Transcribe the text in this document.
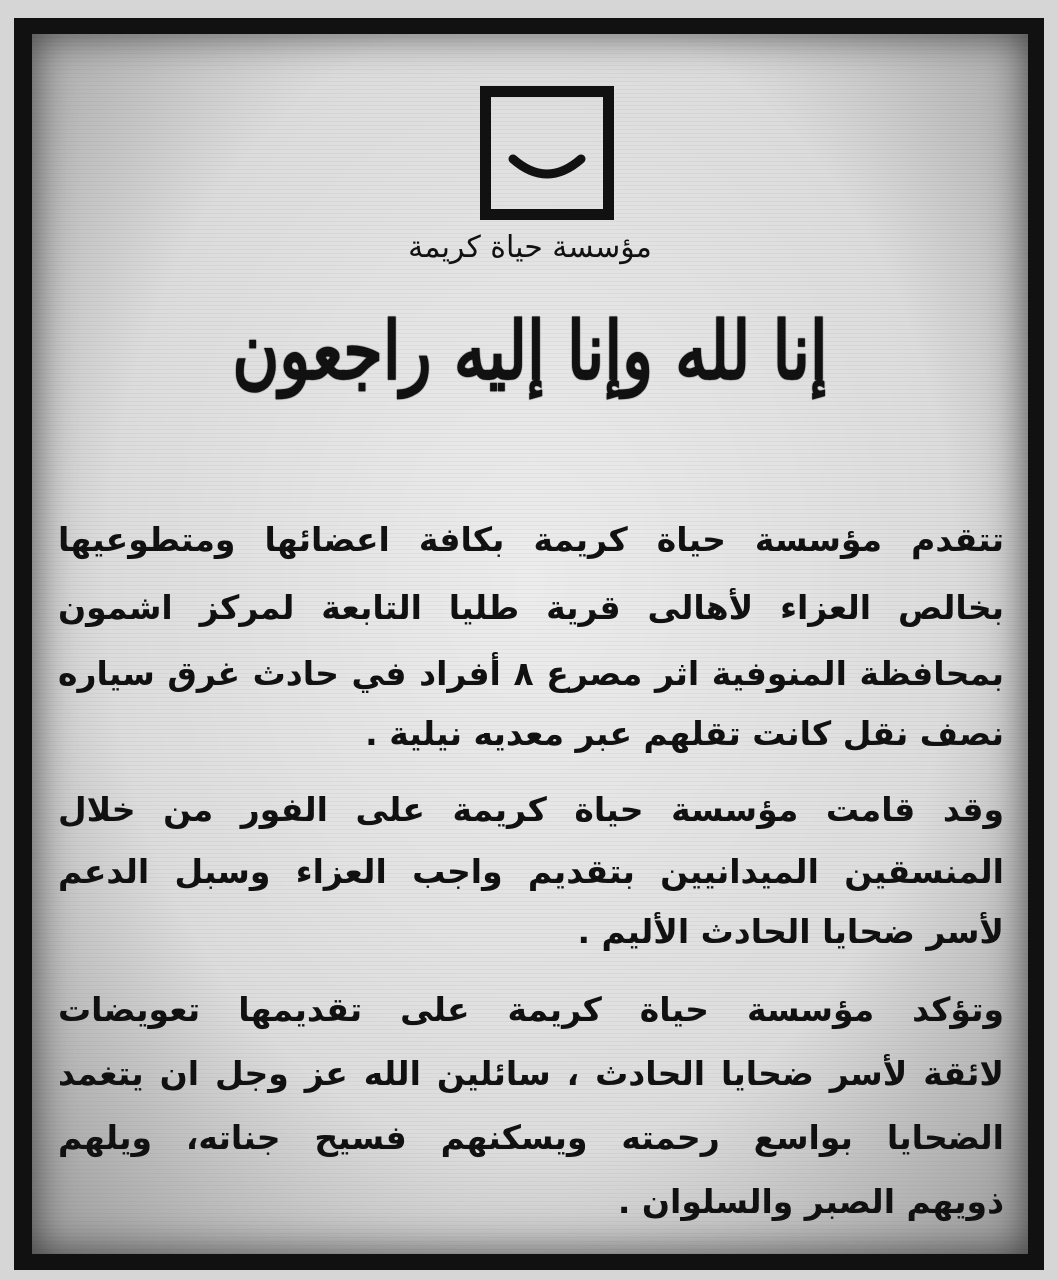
مؤسسة حياة كريمة
إنا لله وإنا إليه راجعون
تتقدم مؤسسة حياة كريمة بكافة اعضائها ومتطوعيها
بخالص العزاء لأهالى قرية طليا التابعة لمركز اشمون
بمحافظة المنوفية اثر مصرع ٨ أفراد في حادث غرق سياره
نصف نقل كانت تقلهم عبر معديه نيلية .
وقد قامت مؤسسة حياة كريمة على الفور من خلال
المنسقين الميدانيين بتقديم واجب العزاء وسبل الدعم
لأسر ضحايا الحادث الأليم .
وتؤكد مؤسسة حياة كريمة على تقديمها تعويضات
لائقة لأسر ضحايا الحادث ، سائلين الله عز وجل ان يتغمد
الضحايا بواسع رحمته ويسكنهم فسيح جناته، ويلهم
ذويهم الصبر والسلوان .
